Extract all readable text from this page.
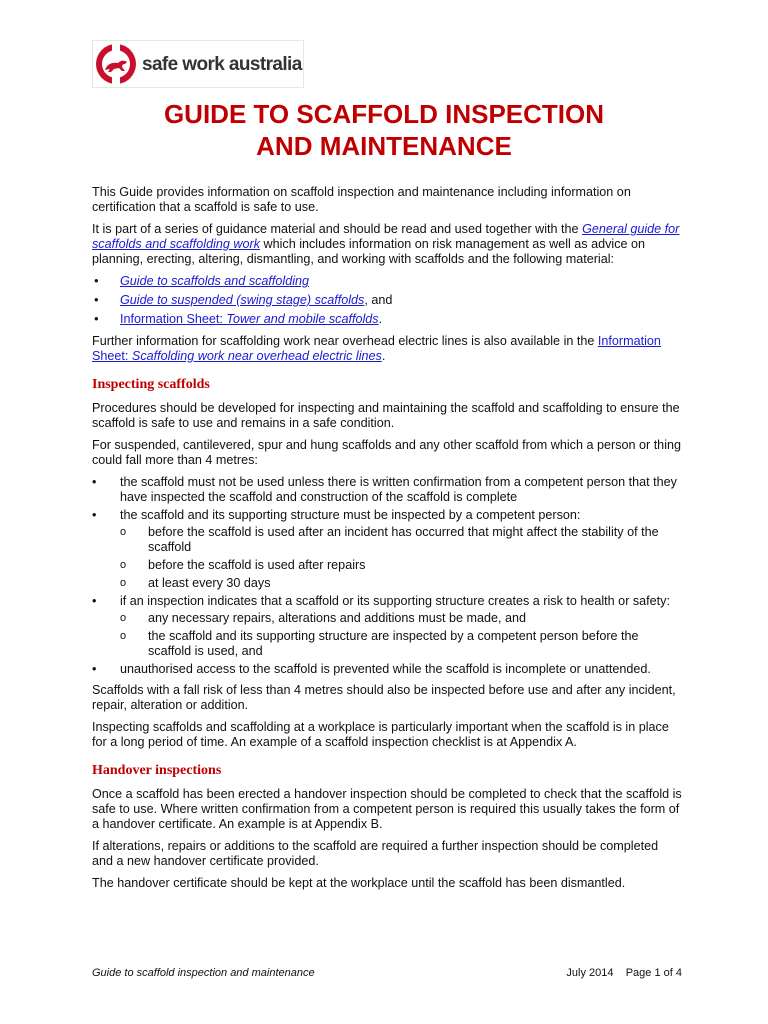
safe work australia
GUIDE TO SCAFFOLD INSPECTION
AND MAINTENANCE

This Guide provides information on scaffold inspection and maintenance including information on certification that a scaffold is safe to use.

It is part of a series of guidance material and should be read and used together with the General guide for scaffolds and scaffolding work which includes information on risk management as well as advice on planning, erecting, altering, dismantling, and working with scaffolds and the following material:

• Guide to scaffolds and scaffolding
• Guide to suspended (swing stage) scaffolds, and
• Information Sheet: Tower and mobile scaffolds.

Further information for scaffolding work near overhead electric lines is also available in the Information Sheet: Scaffolding work near overhead electric lines.

Inspecting scaffolds

Procedures should be developed for inspecting and maintaining the scaffold and scaffolding to ensure the scaffold is safe to use and remains in a safe condition.

For suspended, cantilevered, spur and hung scaffolds and any other scaffold from which a person or thing could fall more than 4 metres:

• the scaffold must not be used unless there is written confirmation from a competent person that they have inspected the scaffold and construction of the scaffold is complete
• the scaffold and its supporting structure must be inspected by a competent person:
o before the scaffold is used after an incident has occurred that might affect the stability of the scaffold
o before the scaffold is used after repairs
o at least every 30 days
• if an inspection indicates that a scaffold or its supporting structure creates a risk to health or safety:
o any necessary repairs, alterations and additions must be made, and
o the scaffold and its supporting structure are inspected by a competent person before the scaffold is used, and
• unauthorised access to the scaffold is prevented while the scaffold is incomplete or unattended.

Scaffolds with a fall risk of less than 4 metres should also be inspected before use and after any incident, repair, alteration or addition.

Inspecting scaffolds and scaffolding at a workplace is particularly important when the scaffold is in place for a long period of time. An example of a scaffold inspection checklist is at Appendix A.

Handover inspections

Once a scaffold has been erected a handover inspection should be completed to check that the scaffold is safe to use. Where written confirmation from a competent person is required this usually takes the form of a handover certificate. An example is at Appendix B.

If alterations, repairs or additions to the scaffold are required a further inspection should be completed and a new handover certificate provided.

The handover certificate should be kept at the workplace until the scaffold has been dismantled.

Guide to scaffold inspection and maintenance	July 2014 Page 1 of 4
